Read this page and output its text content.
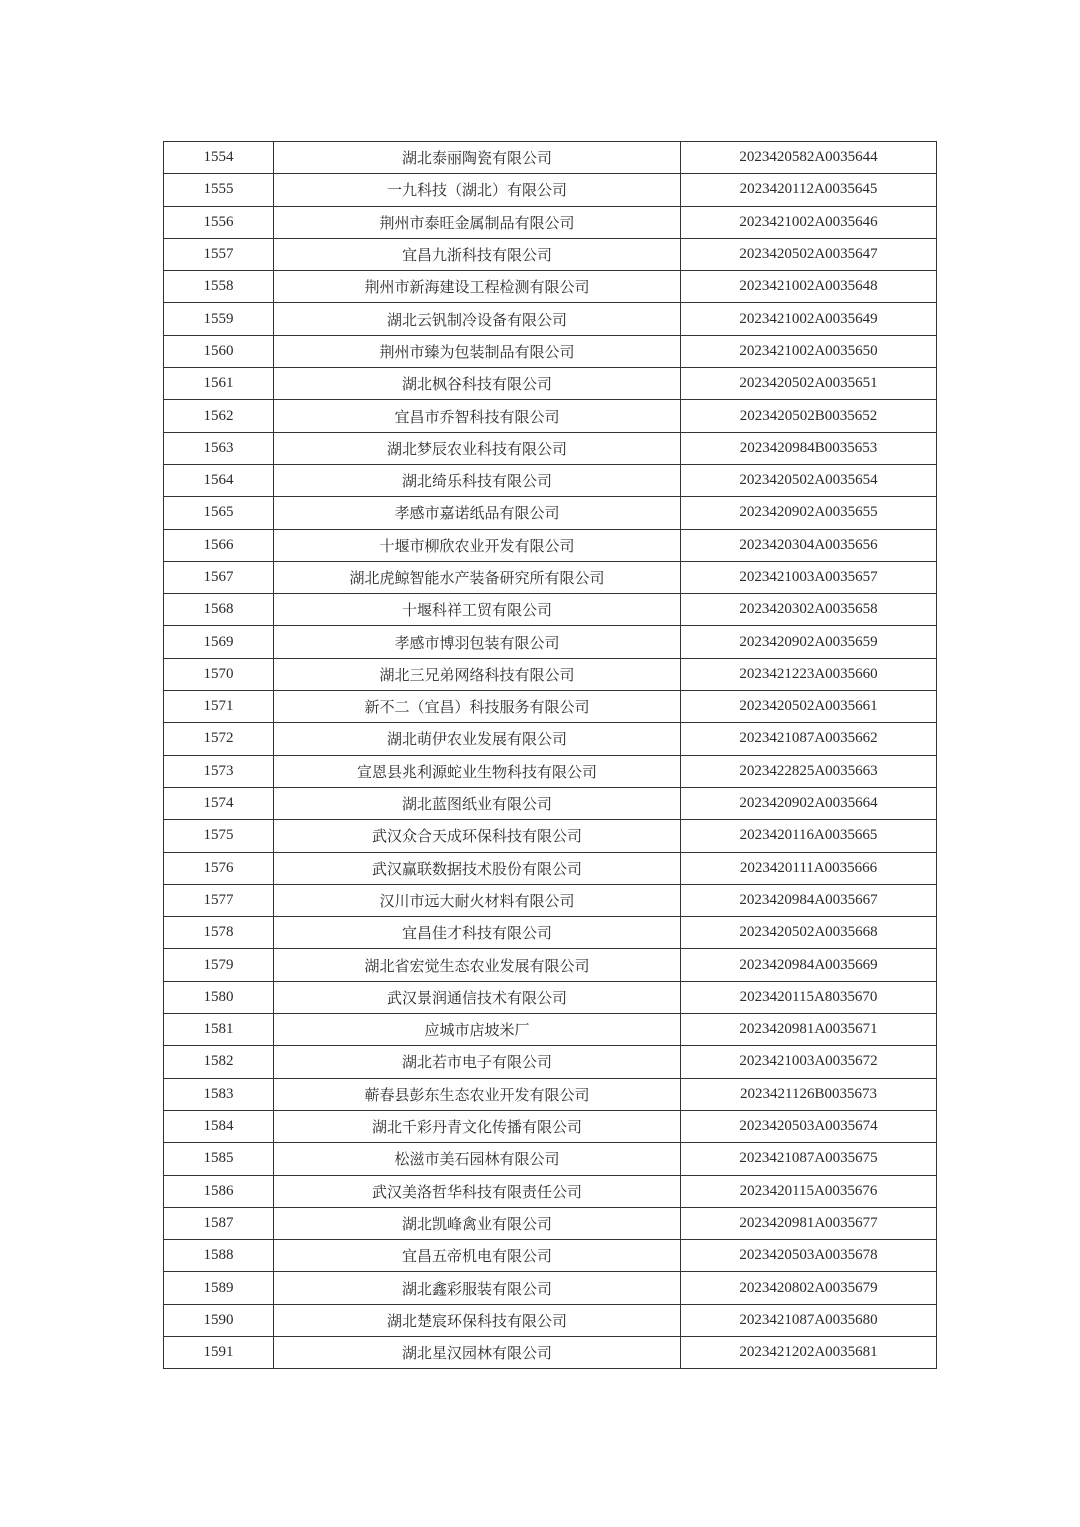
1554	湖北泰丽陶瓷有限公司	2023420582A0035644
1555	一九科技（湖北）有限公司	2023420112A0035645
1556	荆州市泰旺金属制品有限公司	2023421002A0035646
1557	宜昌九浙科技有限公司	2023420502A0035647
1558	荆州市新海建设工程检测有限公司	2023421002A0035648
1559	湖北云钒制冷设备有限公司	2023421002A0035649
1560	荆州市臻为包装制品有限公司	2023421002A0035650
1561	湖北枫谷科技有限公司	2023420502A0035651
1562	宜昌市乔智科技有限公司	2023420502B0035652
1563	湖北梦辰农业科技有限公司	2023420984B0035653
1564	湖北绮乐科技有限公司	2023420502A0035654
1565	孝感市嘉诺纸品有限公司	2023420902A0035655
1566	十堰市柳欣农业开发有限公司	2023420304A0035656
1567	湖北虎鲸智能水产装备研究所有限公司	2023421003A0035657
1568	十堰科祥工贸有限公司	2023420302A0035658
1569	孝感市博羽包装有限公司	2023420902A0035659
1570	湖北三兄弟网络科技有限公司	2023421223A0035660
1571	新不二（宜昌）科技服务有限公司	2023420502A0035661
1572	湖北萌伊农业发展有限公司	2023421087A0035662
1573	宣恩县兆利源蛇业生物科技有限公司	2023422825A0035663
1574	湖北蓝图纸业有限公司	2023420902A0035664
1575	武汉众合天成环保科技有限公司	2023420116A0035665
1576	武汉赢联数据技术股份有限公司	2023420111A0035666
1577	汉川市远大耐火材料有限公司	2023420984A0035667
1578	宜昌佳才科技有限公司	2023420502A0035668
1579	湖北省宏觉生态农业发展有限公司	2023420984A0035669
1580	武汉景润通信技术有限公司	2023420115A8035670
1581	应城市店坡米厂	2023420981A0035671
1582	湖北若市电子有限公司	2023421003A0035672
1583	蕲春县彭东生态农业开发有限公司	2023421126B0035673
1584	湖北千彩丹青文化传播有限公司	2023420503A0035674
1585	松滋市美石园林有限公司	2023421087A0035675
1586	武汉美洛哲华科技有限责任公司	2023420115A0035676
1587	湖北凯峰禽业有限公司	2023420981A0035677
1588	宜昌五帝机电有限公司	2023420503A0035678
1589	湖北鑫彩服装有限公司	2023420802A0035679
1590	湖北楚宸环保科技有限公司	2023421087A0035680
1591	湖北星汉园林有限公司	2023421202A0035681
